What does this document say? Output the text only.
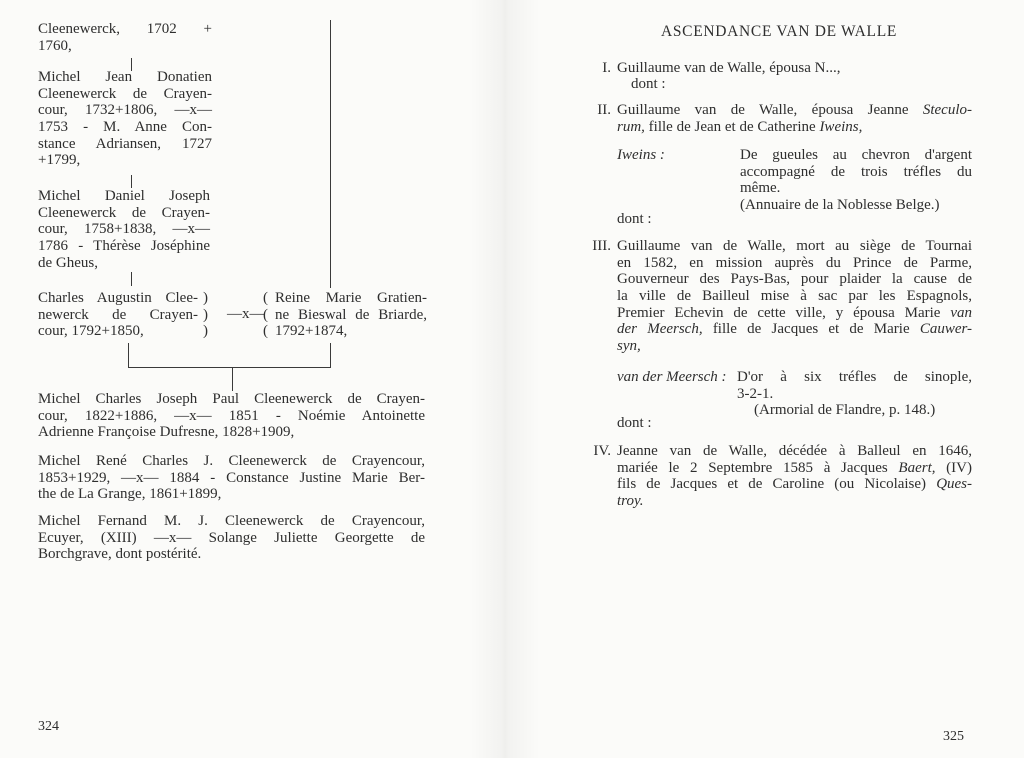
Cleenewerck, 1702 +
1760,
Michel Jean Donatien
Cleenewerck de Crayen-
cour, 1732+1806, —x—
1753 - M. Anne Con-
stance Adriansen, 1727
+1799,
Michel Daniel Joseph
Cleenewerck de Crayen-
cour, 1758+1838, —x—
1786 - Thérèse Joséphine
de Gheus,
Charles Augustin Clee-
newerck de Crayen-
cour, 1792+1850,
)
)
)
—x—
(
(
(
Reine Marie Gratien-
ne Bieswal de Briarde,
1792+1874,
Michel Charles Joseph Paul Cleenewerck de Crayen-
cour, 1822+1886, —x— 1851 - Noémie Antoinette
Adrienne Françoise Dufresne, 1828+1909,
Michel René Charles J. Cleenewerck de Crayencour,
1853+1929, —x— 1884 - Constance Justine Marie Ber-
the de La Grange, 1861+1899,
Michel Fernand M. J. Cleenewerck de Crayencour,
Ecuyer, (XIII) —x— Solange Juliette Georgette de
Borchgrave, dont postérité.
324
ASCENDANCE VAN DE WALLE
I. Guillaume van de Walle, épousa N...,
dont :
II. Guillaume van de Walle, épousa Jeanne Steculo-
rum, fille de Jean et de Catherine Iweins,
Iweins :	De gueules au chevron d'argent
accompagné de trois tréfles du
même.
(Annuaire de la Noblesse Belge.)
dont :
III. Guillaume van de Walle, mort au siège de Tournai
en 1582, en mission auprès du Prince de Parme,
Gouverneur des Pays-Bas, pour plaider la cause de
la ville de Bailleul mise à sac par les Espagnols,
Premier Echevin de cette ville, y épousa Marie van
der Meersch, fille de Jacques et de Marie Cauwer-
syn,
van der Meersch : D'or à six tréfles de sinople,
3-2-1.
(Armorial de Flandre, p. 148.)
dont :
IV. Jeanne van de Walle, décédée à Balleul en 1646,
mariée le 2 Septembre 1585 à Jacques Baert, (IV)
fils de Jacques et de Caroline (ou Nicolaise) Ques-
troy.
325
